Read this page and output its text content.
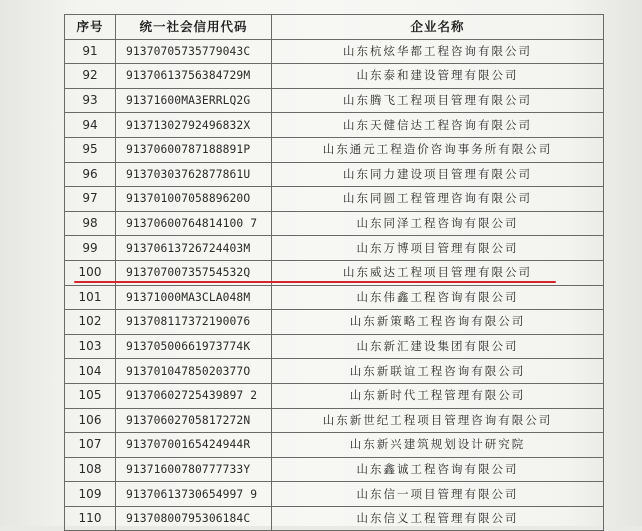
序号	统一社会信用代码	企业名称
91	91370705735779043C	山东杭炫华都工程咨询有限公司
92	91370613756384729M	山东泰和建设管理有限公司
93	91371600MA3ERRLQ2G	山东腾飞工程项目管理有限公司
94	91371302792496832X	山东天健信达工程咨询有限公司
95	91370600787188891P	山东通元工程造价咨询事务所有限公司
96	91370303762877861U	山东同力建设项目管理有限公司
97	91370100705889620O	山东同圆工程管理咨询有限公司
98	91370600764814100 7	山东同泽工程咨询有限公司
99	91370613726724403M	山东万博项目管理有限公司
100	91370700735754532Q	山东威达工程项目管理有限公司
101	91371000MA3CLA048M	山东伟鑫工程咨询有限公司
102	913708117372190076	山东新策略工程咨询有限公司
103	91370500661973774K	山东新汇建设集团有限公司
104	91370104785020377O	山东新联谊工程咨询有限公司
105	91370602725439897 2	山东新时代工程管理有限公司
106	91370602705817272N	山东新世纪工程项目管理咨询有限公司
107	91370700165424944R	山东新兴建筑规划设计研究院
108	91371600780777733Y	山东鑫诚工程咨询有限公司
109	91370613730654997 9	山东信一项目管理有限公司
110	91370800795306184C	山东信义工程管理有限公司
